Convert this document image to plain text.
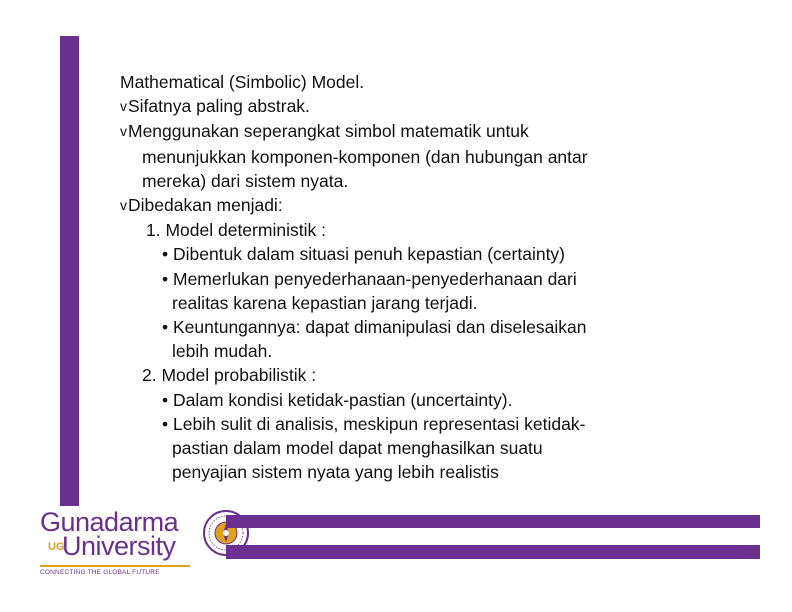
Mathematical (Simbolic) Model.
vSifatnya paling abstrak.
vMenggunakan seperangkat simbol matematik untuk
menunjukkan komponen-komponen (dan hubungan antar
mereka) dari sistem nyata.
vDibedakan menjadi:
1. Model deterministik :
• Dibentuk dalam situasi penuh kepastian (certainty)
• Memerlukan penyederhanaan-penyederhanaan dari
realitas karena kepastian jarang terjadi.
• Keuntungannya: dapat dimanipulasi dan diselesaikan
lebih mudah.
2. Model probabilistik :
• Dalam kondisi ketidak-pastian (uncertainty).
• Lebih sulit di analisis, meskipun representasi ketidak-
pastian dalam model dapat menghasilkan suatu
penyajian sistem nyata yang lebih realistis
Gunadarma
UG
University
CONNECTING THE GLOBAL FUTURE
